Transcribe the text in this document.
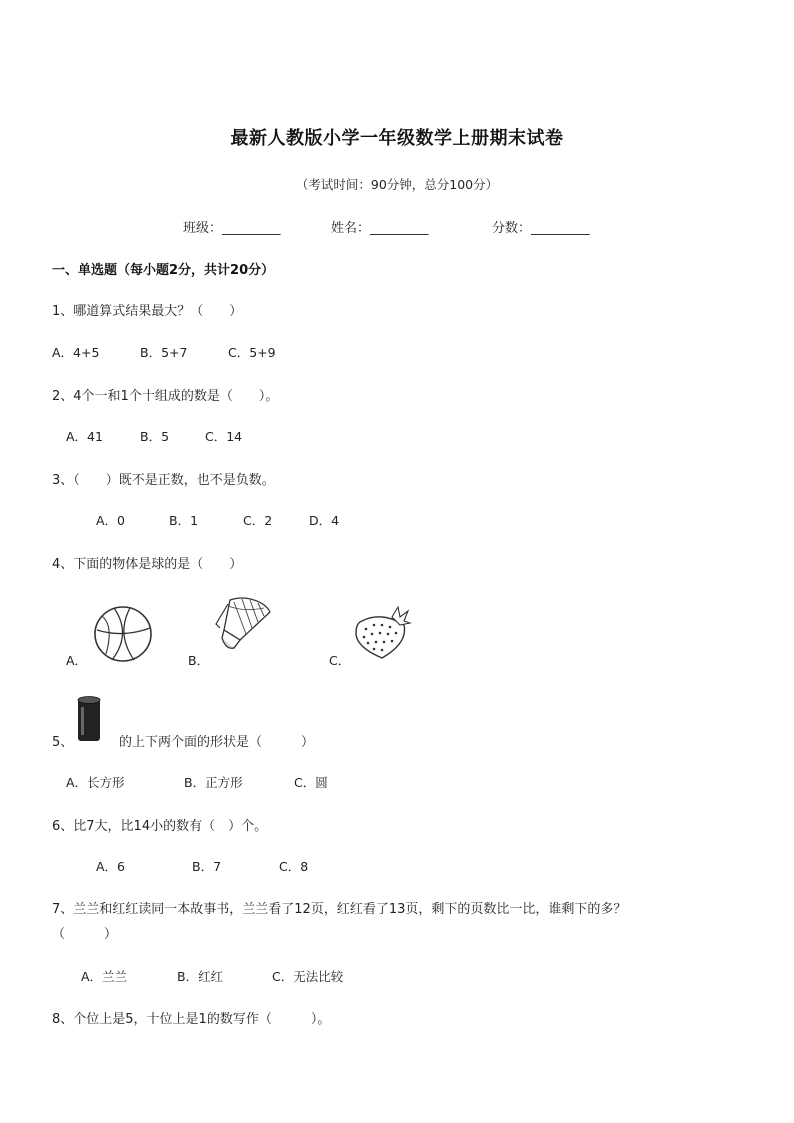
最新人教版小学一年级数学上册期末试卷
（考试时间：90分钟，总分100分）
班级：_________	姓名：_________	分数：_________
一、单选题（每小题2分，共计20分）
1、哪道算式结果最大？（　　）
A．4+5	B．5+7	C．5+9
2、4个一和1个十组成的数是（　　）。
A．41	B．5	C．14
3、（　　）既不是正数，也不是负数。
A．0	B．1	C．2	D．4
4、下面的物体是球的是（　　）
A．	B．	C．
5、	的上下两个面的形状是（　　　）
A．长方形	B．正方形	C．圆
6、比7大，比14小的数有（　）个。
A．6	B．7	C．8
7、兰兰和红红读同一本故事书，兰兰看了12页，红红看了13页，剩下的页数比一比，谁剩下的多？
（　　　）
A．兰兰	B．红红	C．无法比较
8、个位上是5，十位上是1的数写作（　　　）。
